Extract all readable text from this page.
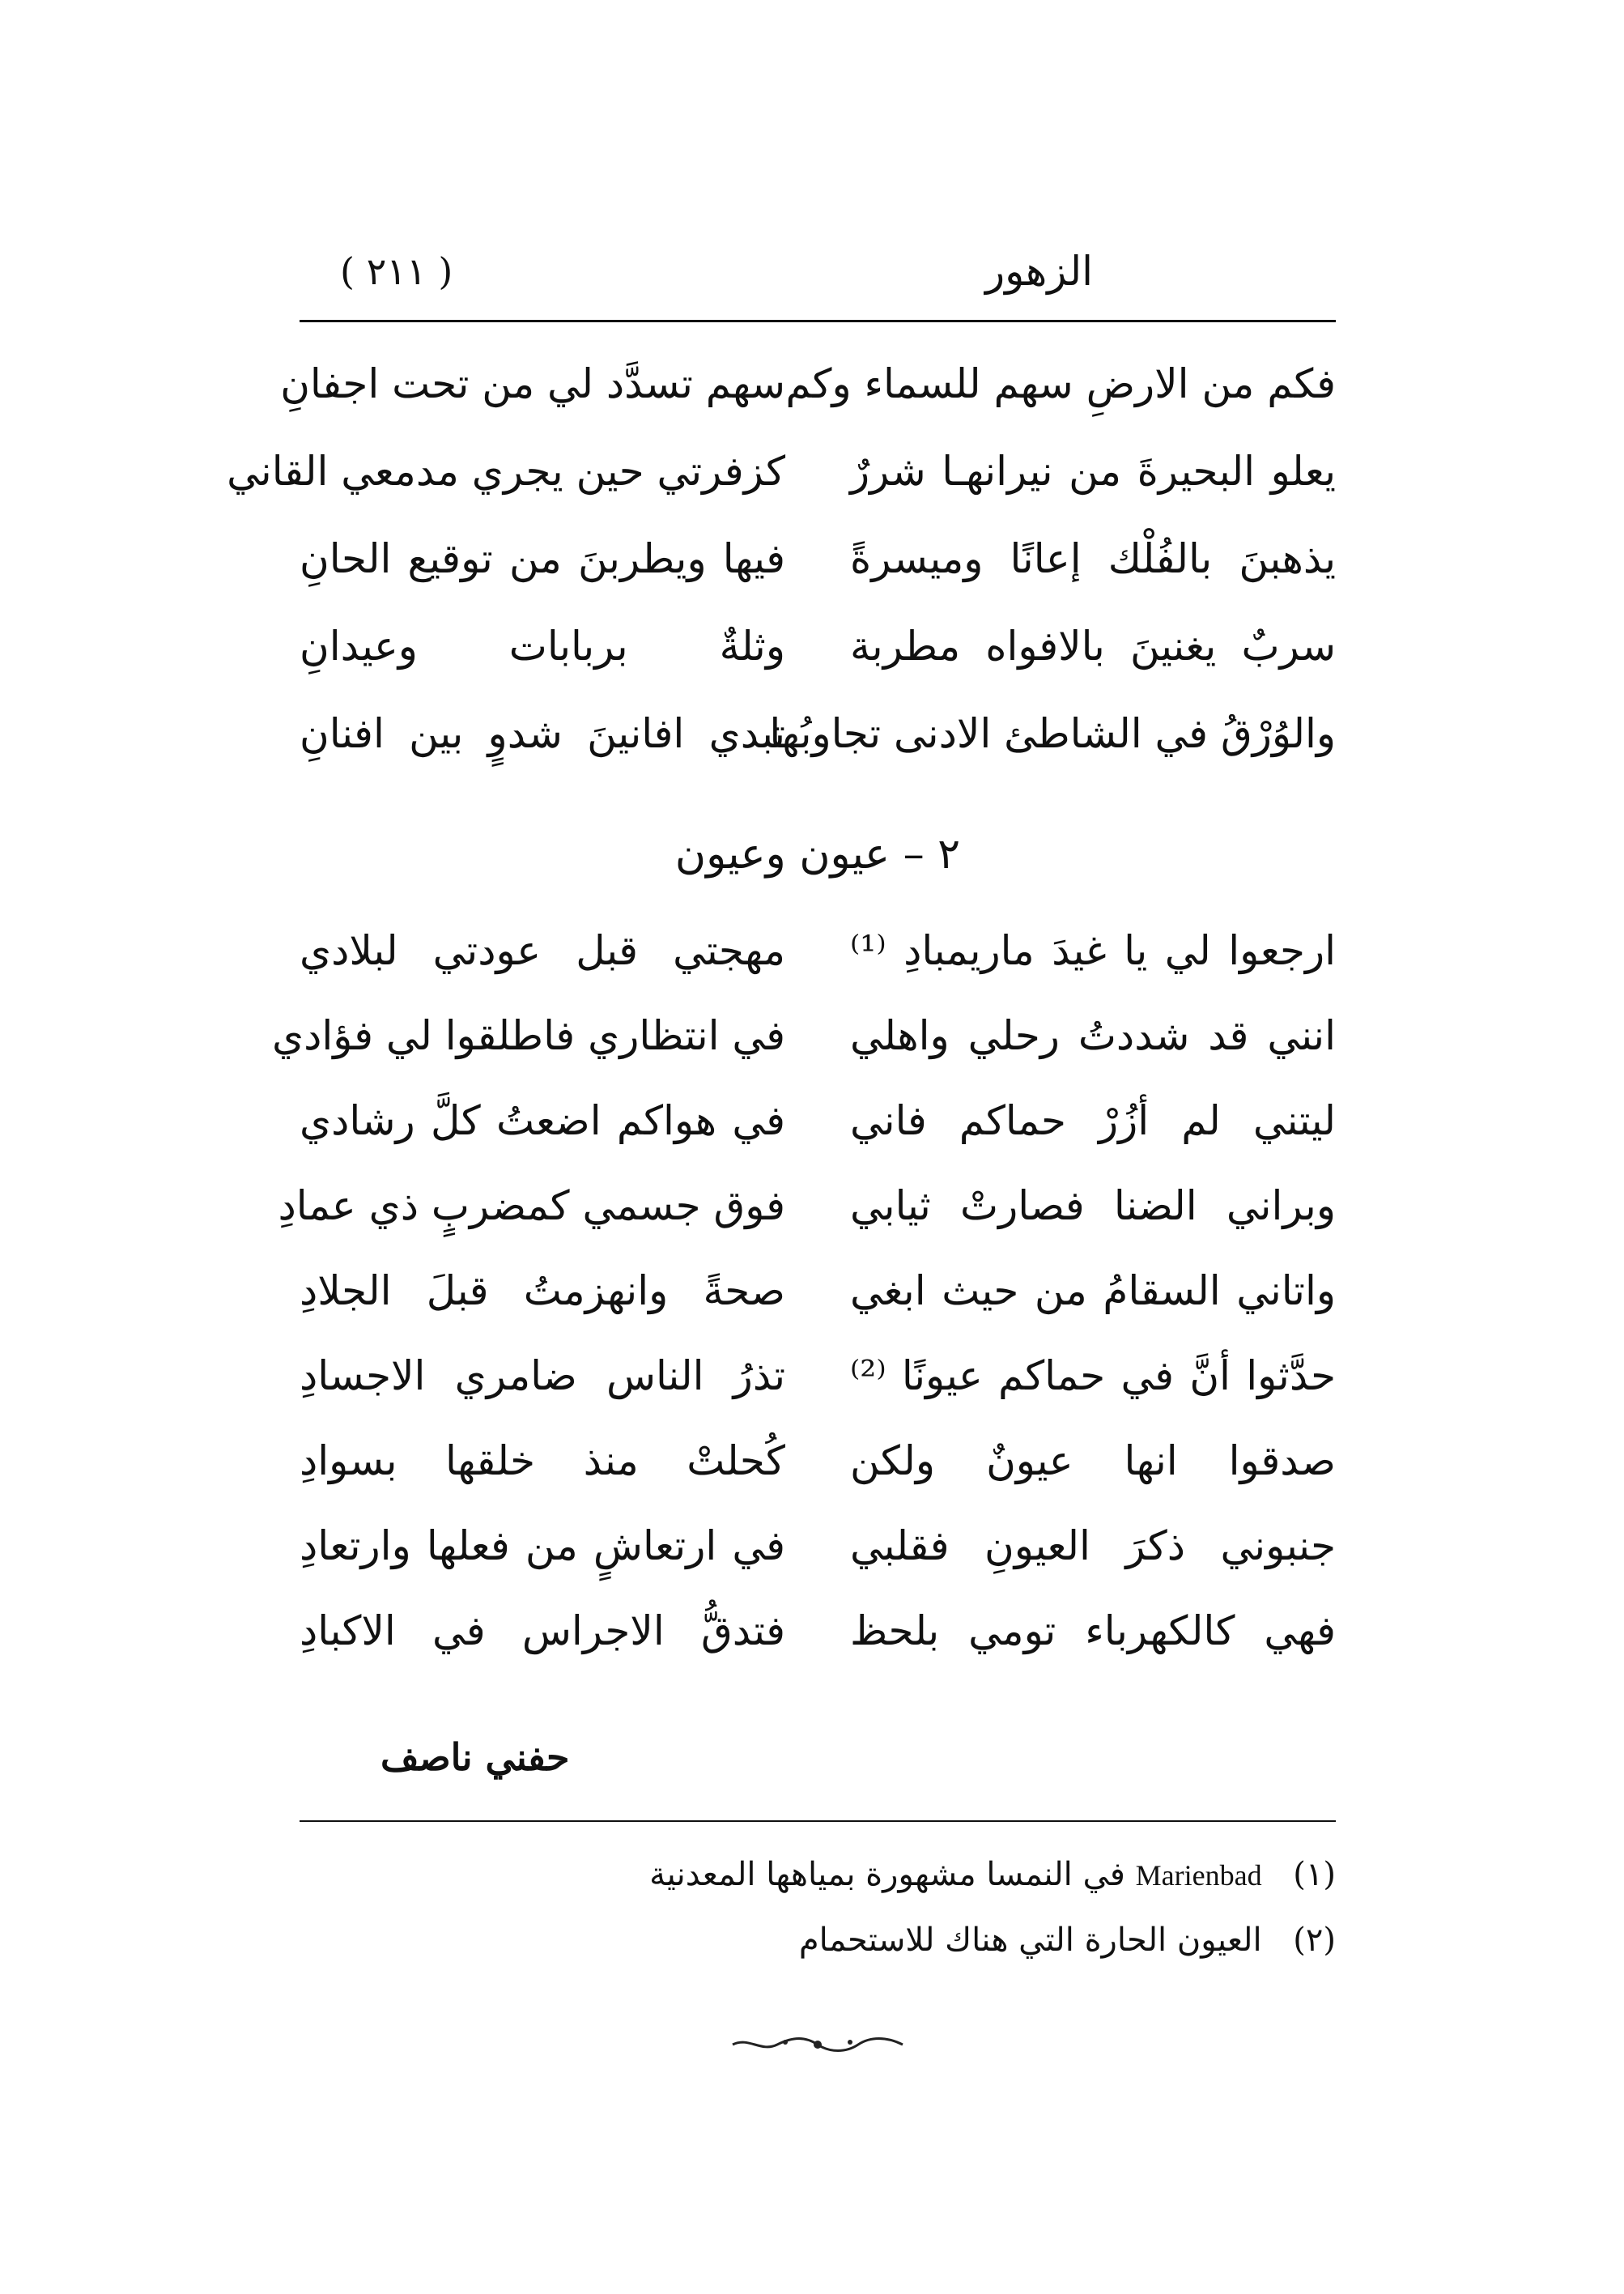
الزهور
( ٢١١ )
فكم من الارضِ سهم للسماء وكم
سهم تسدَّد لي من تحت اجفانِ
يعلو البحيرةَ من نيرانهـا شررٌ
كزفرتي حين يجري مدمعي القاني
يذهبنَ بالفُلْك إعانًا وميسرةً
فيها ويطربنَ من توقيع الحانِ
سربٌ يغنينَ بالافواه مطربة
وثلةٌ بربابات وعيدانِ
والوُرْقُ في الشاطئ الادنى تجاوبُها
تبدي افانينَ شدوٍ بين افنانِ
٢ – عيون وعيون
ارجعوا لي يا غيدَ ماريمبادِ ⁽¹⁾
مهجتي قبل عودتي لبلادي
انني قد شددتُ رحلي واهلي
في انتظاري فاطلقوا لي فؤادي
ليتني لم أزُرْ حماكم فاني
في هواكم اضعتُ كلَّ رشادي
وبراني الضنا فصارتْ ثيابي
فوق جسمي كمضربٍ ذي عمادِ
واتاني السقامُ من حيث ابغي
صحةً وانهزمتُ قبلَ الجلادِ
حدَّثوا أنَّ في حماكم عيونًا ⁽²⁾
تذرُ الناس ضامري الاجسادِ
صدقوا انها عيونٌ ولكن
كُحلتْ منذ خلقها بسوادِ
جنبوني ذكرَ العيونِ فقلبي
في ارتعاشٍ من فعلها وارتعادِ
فهي كالكهرباء تومي بلحظ
فتدقُّ الاجراس في الاكبادِ
حفني ناصف
(١) Marienbad في النمسا مشهورة بمياهها المعدنية
(٢) العيون الحارة التي هناك للاستحمام
